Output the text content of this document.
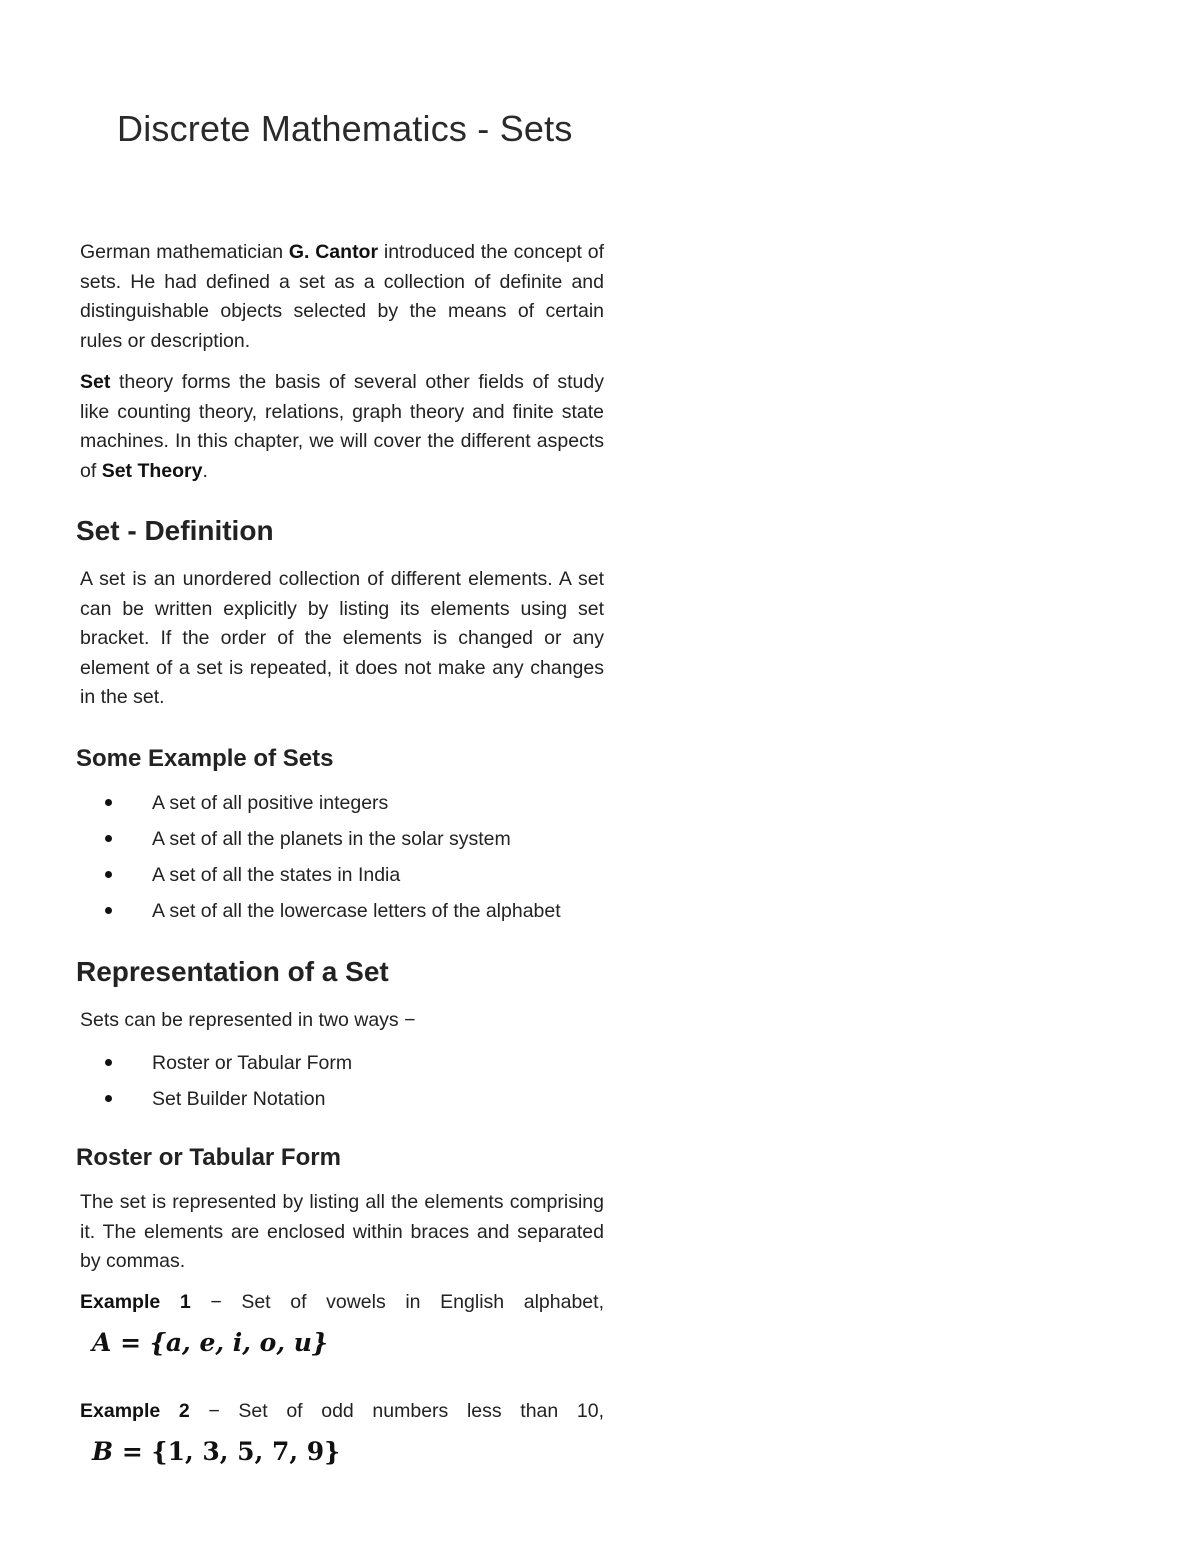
Discrete Mathematics - Sets

German mathematician G. Cantor introduced the concept of sets. He had defined a set as a collection of definite and distinguishable objects selected by the means of certain rules or description.

Set theory forms the basis of several other fields of study like counting theory, relations, graph theory and finite state machines. In this chapter, we will cover the different aspects of Set Theory.

Set - Definition

A set is an unordered collection of different elements. A set can be written explicitly by listing its elements using set bracket. If the order of the elements is changed or any element of a set is repeated, it does not make any changes in the set.

Some Example of Sets
A set of all positive integers
A set of all the planets in the solar system
A set of all the states in India
A set of all the lowercase letters of the alphabet
Representation of a Set

Sets can be represented in two ways −

Roster or Tabular Form
Set Builder Notation
Roster or Tabular Form

The set is represented by listing all the elements comprising it. The elements are enclosed within braces and separated by commas.

Example 1 − Set of vowels in English alphabet,

A = {a, e, i, o, u}

Example 2 − Set of odd numbers less than 10,

B = {1, 3, 5, 7, 9}
